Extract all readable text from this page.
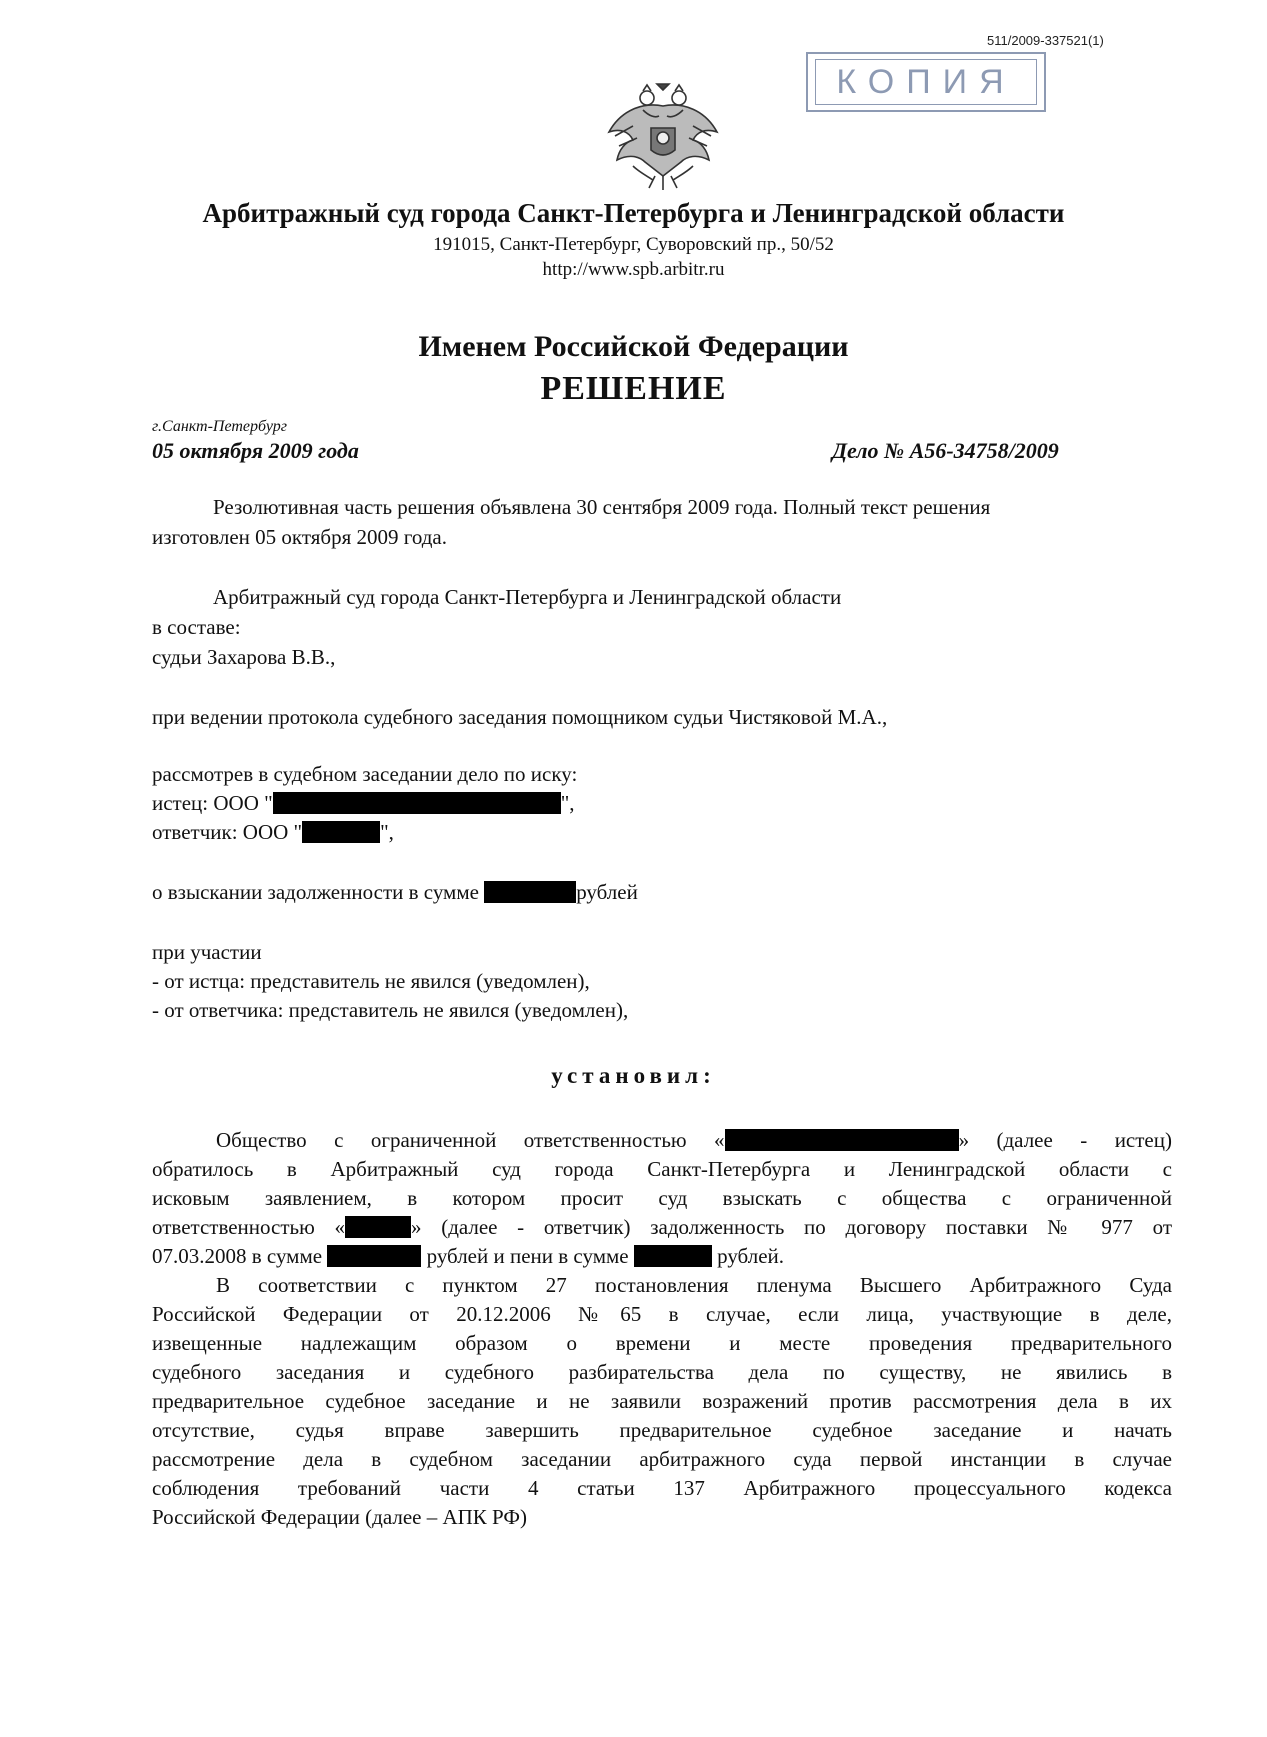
511/2009-337521(1)
КОПИЯ
Арбитражный суд города Санкт-Петербурга и Ленинградской области
191015, Санкт-Петербург, Суворовский пр., 50/52
http://www.spb.arbitr.ru
Именем Российской Федерации
РЕШЕНИЕ
г.Санкт-Петербург
05 октября 2009 года	Дело № А56-34758/2009
Резолютивная часть решения объявлена 30 сентября 2009 года. Полный текст решения
изготовлен 05 октября 2009 года.
Арбитражный суд города Санкт-Петербурга и Ленинградской области
в составе:
судьи Захарова В.В.,
при ведении протокола судебного заседания помощником судьи Чистяковой М.А.,
рассмотрев в судебном заседании дело по иску:
истец: ООО "	",
ответчик: ООО "	",
о взыскании задолженности в сумме	рублей
при участии
- от истца: представитель не явился (уведомлен),
- от ответчика: представитель не явился (уведомлен),
установил:
Общество с ограниченной ответственностью «	» (далее - истец)
обратилось в Арбитражный суд города Санкт-Петербурга и Ленинградской области с
исковым заявлением, в котором просит суд взыскать с общества с ограниченной
ответственностью «	» (далее - ответчик) задолженность по договору поставки № 977 от
07.03.2008 в сумме	рублей и пени в сумме	рублей.
В соответствии с пунктом 27 постановления пленума Высшего Арбитражного Суда
Российской Федерации от 20.12.2006 №65 в случае, если лица, участвующие в деле,
извещенные надлежащим образом о времени и месте проведения предварительного
судебного заседания и судебного разбирательства дела по существу, не явились в
предварительное судебное заседание и не заявили возражений против рассмотрения дела в их
отсутствие, судья вправе завершить предварительное судебное заседание и начать
рассмотрение дела в судебном заседании арбитражного суда первой инстанции в случае
соблюдения требований части 4 статьи 137 Арбитражного процессуального кодекса
Российской Федерации (далее – АПК РФ)
